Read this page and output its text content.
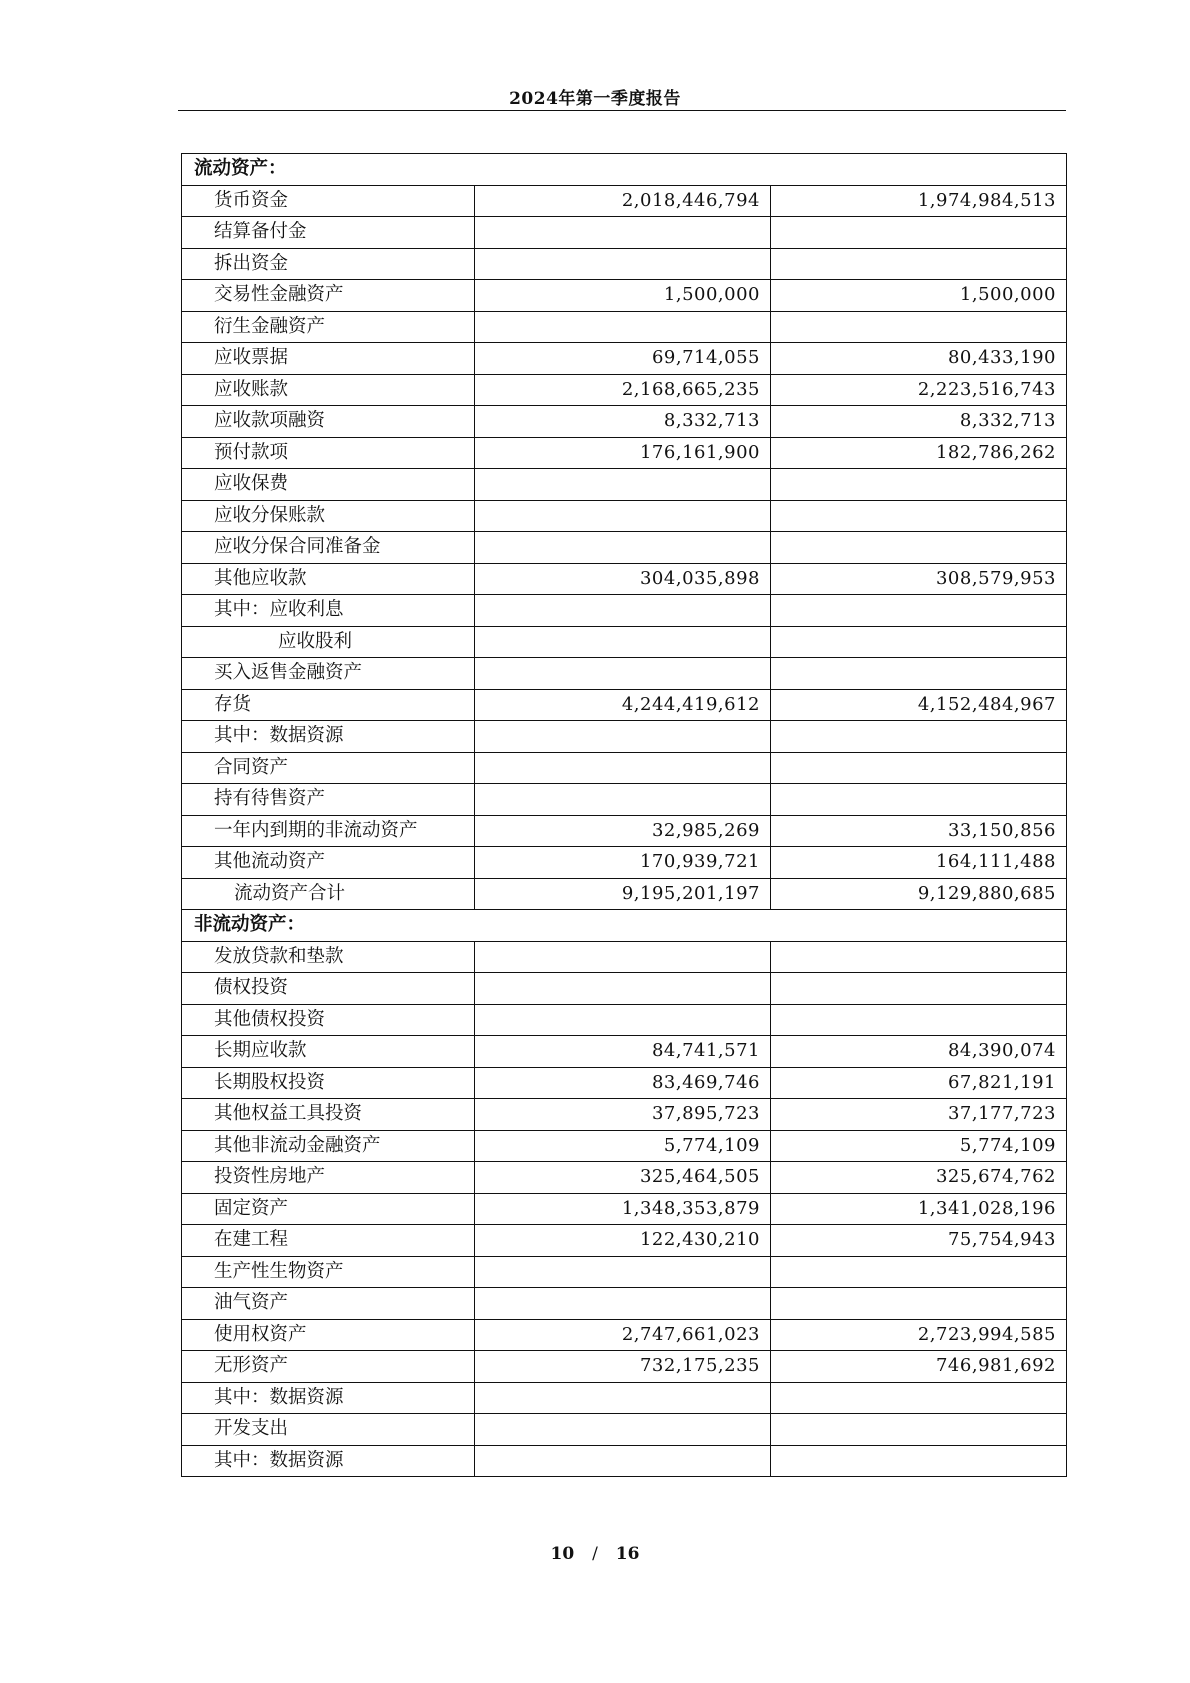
2024年第一季度报告
流动资产：		
货币资金	2,018,446,794	1,974,984,513
结算备付金		
拆出资金		
交易性金融资产	1,500,000	1,500,000
衍生金融资产		
应收票据	69,714,055	80,433,190
应收账款	2,168,665,235	2,223,516,743
应收款项融资	8,332,713	8,332,713
预付款项	176,161,900	182,786,262
应收保费		
应收分保账款		
应收分保合同准备金		
其他应收款	304,035,898	308,579,953
其中：应收利息		
应收股利		
买入返售金融资产		
存货	4,244,419,612	4,152,484,967
其中：数据资源		
合同资产		
持有待售资产		
一年内到期的非流动资产	32,985,269	33,150,856
其他流动资产	170,939,721	164,111,488
流动资产合计	9,195,201,197	9,129,880,685
非流动资产：		
发放贷款和垫款		
债权投资		
其他债权投资		
长期应收款	84,741,571	84,390,074
长期股权投资	83,469,746	67,821,191
其他权益工具投资	37,895,723	37,177,723
其他非流动金融资产	5,774,109	5,774,109
投资性房地产	325,464,505	325,674,762
固定资产	1,348,353,879	1,341,028,196
在建工程	122,430,210	75,754,943
生产性生物资产		
油气资产		
使用权资产	2,747,661,023	2,723,994,585
无形资产	732,175,235	746,981,692
其中：数据资源		
开发支出		
其中：数据资源		
10 / 16
